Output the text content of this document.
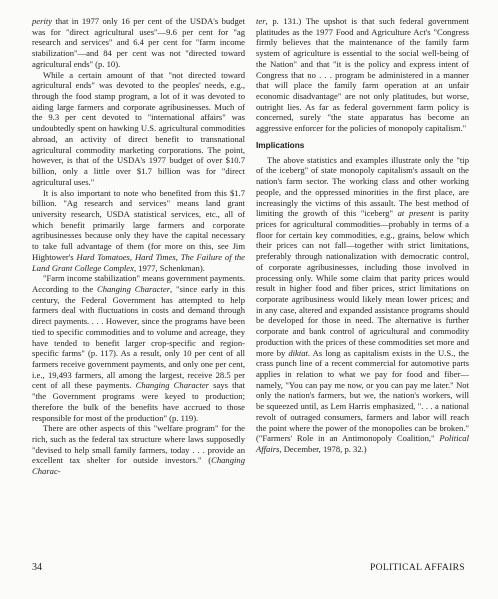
perity that in 1977 only 16 per cent of the USDA's budget was for "direct agricultural uses"—9.6 per cent for "ag research and services" and 6.4 per cent for "farm income stabilization"—and 84 per cent was not "directed toward agricultural ends" (p. 10).

While a certain amount of that "not directed toward agricultural ends" was devoted to the peoples' needs, e.g., through the food stamp program, a lot of it was devoted to aiding large farmers and corporate agribusinesses. Much of the 9.3 per cent devoted to "international affairs" was undoubtedly spent on hawking U.S. agricultural commodities abroad, an activity of direct benefit to transnational agricultural commodity marketing corporations. The point, however, is that of the USDA's 1977 budget of over $10.7 billion, only a little over $1.7 billion was for "direct agricultural uses."

It is also important to note who benefited from this $1.7 billion. "Ag research and services" means land grant university research, USDA statistical services, etc., all of which benefit primarily large farmers and corporate agribusinesses because only they have the capital necessary to take full advantage of them (for more on this, see Jim Hightower's Hard Tomatoes, Hard Times, The Failure of the Land Grant College Complex, 1977, Schenkman).

"Farm income stabilization" means government payments. According to the Changing Character, "since early in this century, the Federal Government has attempted to help farmers deal with fluctuations in costs and demand through direct payments. . . . However, since the programs have been tied to specific commodities and to volume and acreage, they have tended to benefit larger crop-specific and region-specific farms" (p. 117). As a result, only 10 per cent of all farmers receive government payments, and only one per cent, i.e., 19,493 farmers, all among the largest, receive 28.5 per cent of all these payments. Changing Character says that "the Government programs were keyed to production; therefore the bulk of the benefits have accrued to those responsible for most of the production" (p. 119).

There are other aspects of this "welfare program" for the rich, such as the federal tax structure where laws supposedly "devised to help small family farmers, today . . . provide an excellent tax shelter for outside investors." (Changing Charac-

ter, p. 131.) The upshot is that such federal government platitudes as the 1977 Food and Agriculture Act's "Congress firmly believes that the maintenance of the family farm system of agriculture is essential to the social well-being of the Nation" and that "it is the policy and express intent of Congress that no . . . program be administered in a manner that will place the family farm operation at an unfair economic disadvantage" are not only platitudes, but worse, outright lies. As far as federal government farm policy is concerned, surely "the state apparatus has become an aggressive enforcer for the policies of monopoly capitalism."

Implications

The above statistics and examples illustrate only the "tip of the iceberg" of state monopoly capitalism's assault on the nation's farm sector. The working class and other working people, and the oppressed minorities in the first place, are increasingly the victims of this assault. The best method of limiting the growth of this "iceberg" at present is parity prices for agricultural commodities—probably in terms of a floor for certain key commodities, e.g., grains, below which their prices can not fall—together with strict limitations, preferably through nationalization with democratic control, of corporate agribusinesses, including those involved in processing only. While some claim that parity prices would result in higher food and fiber prices, strict limitations on corporate agribusiness would likely mean lower prices; and in any case, altered and expanded assistance programs should be developed for those in need. The alternative is further corporate and bank control of agricultural and commodity production with the prices of these commodities set more and more by diktat. As long as capitalism exists in the U.S., the crass punch line of a recent commercial for automotive parts applies in relation to what we pay for food and fiber—namely, "You can pay me now, or you can pay me later." Not only the nation's farmers, but we, the nation's workers, will be squeezed until, as Lem Harris emphasized, ". . . a national revolt of outraged consumers, farmers and labor will reach the point where the power of the monopolies can be broken." ("Farmers' Role in an Antimonopoly Coalition," Political Affairs, December, 1978, p. 32.)

34	POLITICAL AFFAIRS
